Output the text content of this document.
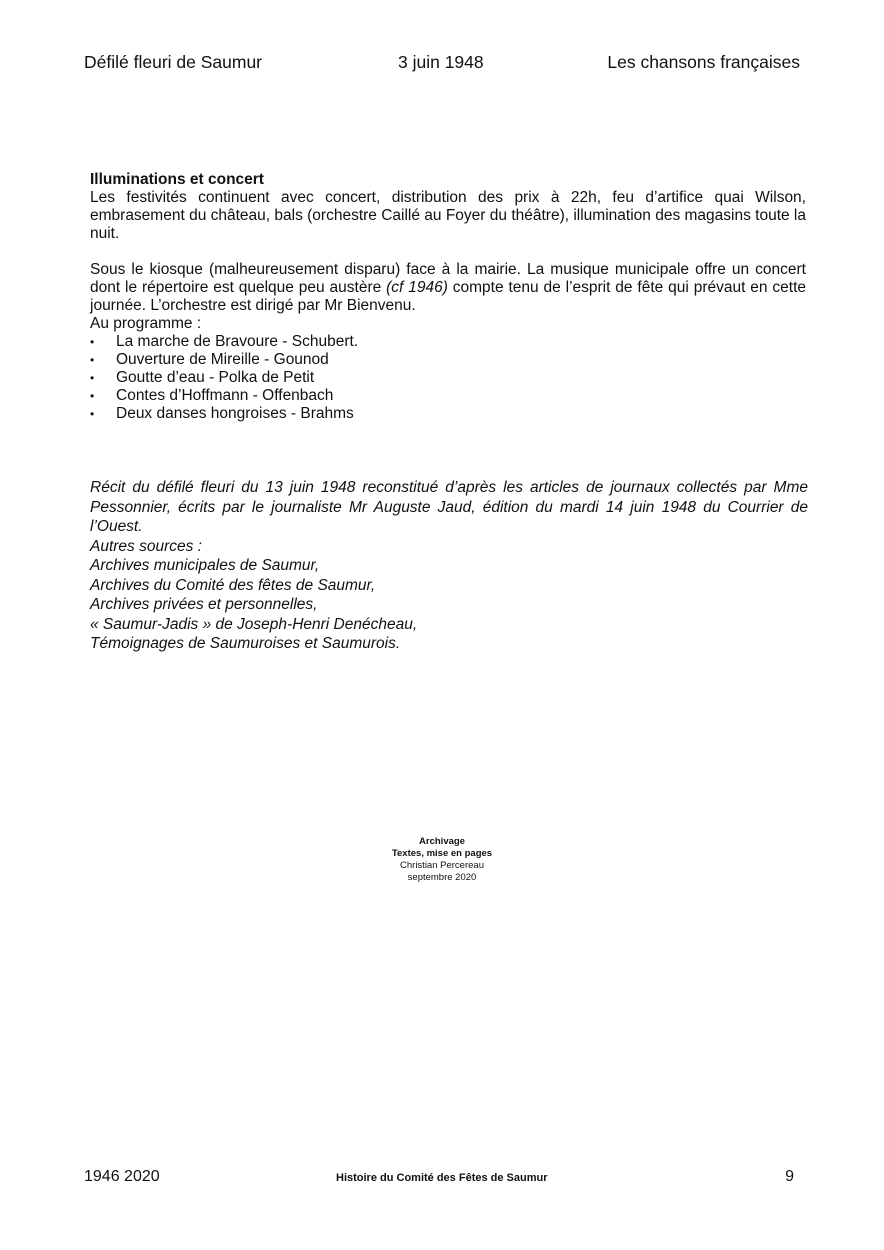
Défilé fleuri de Saumur	3 juin 1948	Les chansons françaises

Illuminations et concert

Les festivités continuent avec concert, distribution des prix à 22h, feu d’artifice quai Wilson, embrasement du château, bals (orchestre Caillé au Foyer du théâtre), illumination des magasins toute la nuit.

Sous le kiosque (malheureusement disparu) face à la mairie. La musique municipale offre un concert dont le répertoire est quelque peu austère (cf 1946) compte tenu de l’esprit de fête qui prévaut en cette journée. L’orchestre est dirigé par Mr Bienvenu.

Au programme :

•	La marche de Bravoure - Schubert.
•	Ouverture de Mireille - Gounod
•	Goutte d’eau - Polka de Petit
•	Contes d’Hoffmann - Offenbach
•	Deux danses hongroises - Brahms

Récit du défilé fleuri du 13 juin 1948 reconstitué d’après les articles de journaux collectés par Mme Pessonnier, écrits par le journaliste Mr Auguste Jaud, édition du mardi 14 juin 1948 du Courrier de l’Ouest.

Autres sources :

Archives municipales de Saumur,

Archives du Comité des fêtes de Saumur,

Archives privées et personnelles,

« Saumur-Jadis » de Joseph-Henri Denécheau,

Témoignages de Saumuroises et Saumurois.

Archivage
Textes, mise en pages
Christian Percereau
septembre 2020
1946 2020	Histoire du Comité des Fêtes de Saumur	9
